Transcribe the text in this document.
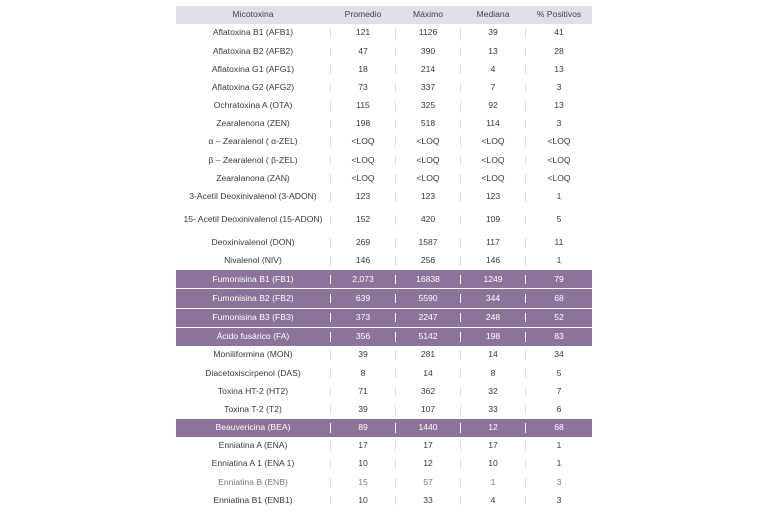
Micotoxina	Promedio	Máximo	Mediana	% Positivos
Aflatoxina B1 (AFB1)	121	1126	39	41
Aflatoxina B2 (AFB2)	47	390	13	28
Aflatoxina G1 (AFG1)	18	214	4	13
Aflatoxina G2 (AFG2)	73	337	7	3
Ochratoxina A (OTA)	115	325	92	13
Zearalenona (ZEN)	198	518	114	3
α – Zearalenol ( α-ZEL)	<LOQ	<LOQ	<LOQ	<LOQ
β – Zearalenol ( β-ZEL)	<LOQ	<LOQ	<LOQ	<LOQ
Zearalanona (ZAN)	<LOQ	<LOQ	<LOQ	<LOQ
3-Acetil Deoxinivalenol (3-ADON)	123	123	123	1
15- Acetil Deoxinivalenol (15-ADON)	152	420	109	5
Deoxinivalenol (DON)	269	1587	117	11
Nivalenol (NIV)	146	256	146	1
Fumonisina B1 (FB1)	2,073	16838	1249	79
Fumonisina B2 (FB2)	639	5590	344	68
Fumonisina B3 (FB3)	373	2247	248	52
Ácido fusárico (FA)	356	5142	198	83
Moniliformina (MON)	39	281	14	34
Diacetoxiscirpenol (DAS)	8	14	8	5
Toxina HT-2 (HT2)	71	362	32	7
Toxina T-2 (T2)	39	107	33	6
Beauvericina (BEA)	89	1440	12	68
Enniatina A (ENA)	17	17	17	1
Enniatina A 1 (ENA 1)	10	12	10	1
Enniatina B (ENB)	15	57	1	3
Enniatina B1 (ENB1)	10	33	4	3
